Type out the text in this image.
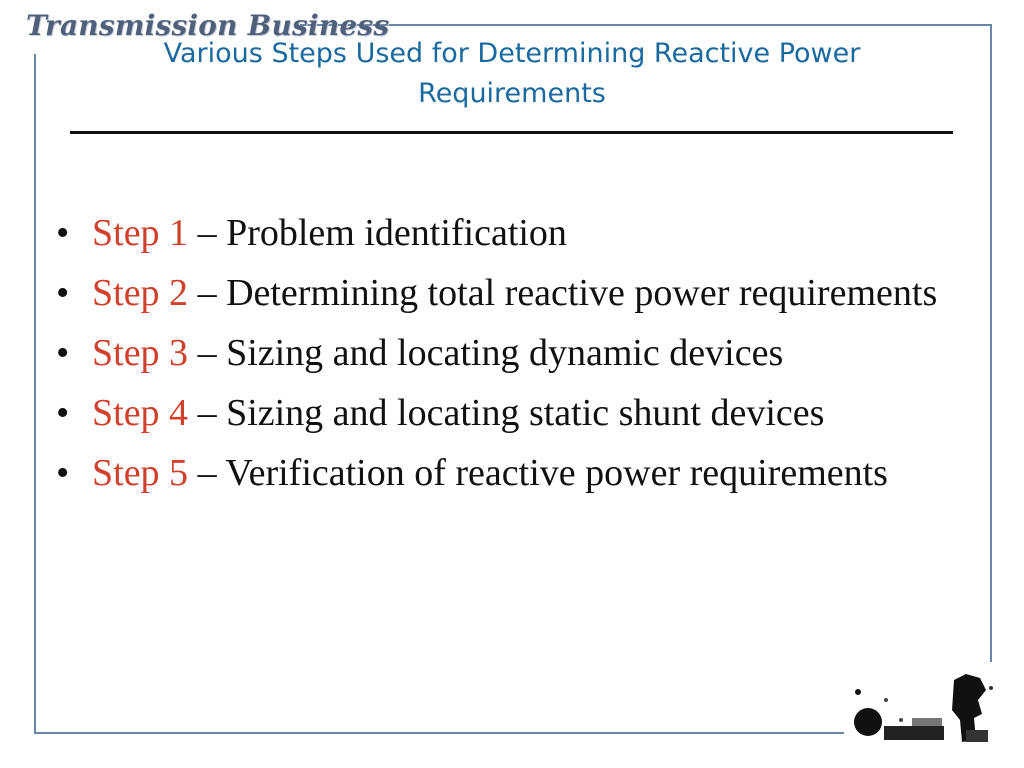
Transmission Business
Various Steps Used for Determining Reactive Power Requirements
• Step 1 – Problem identification
• Step 2 – Determining total reactive power requirements
• Step 3 – Sizing and locating dynamic devices
• Step 4 – Sizing and locating static shunt devices
• Step 5 – Verification of reactive power requirements
